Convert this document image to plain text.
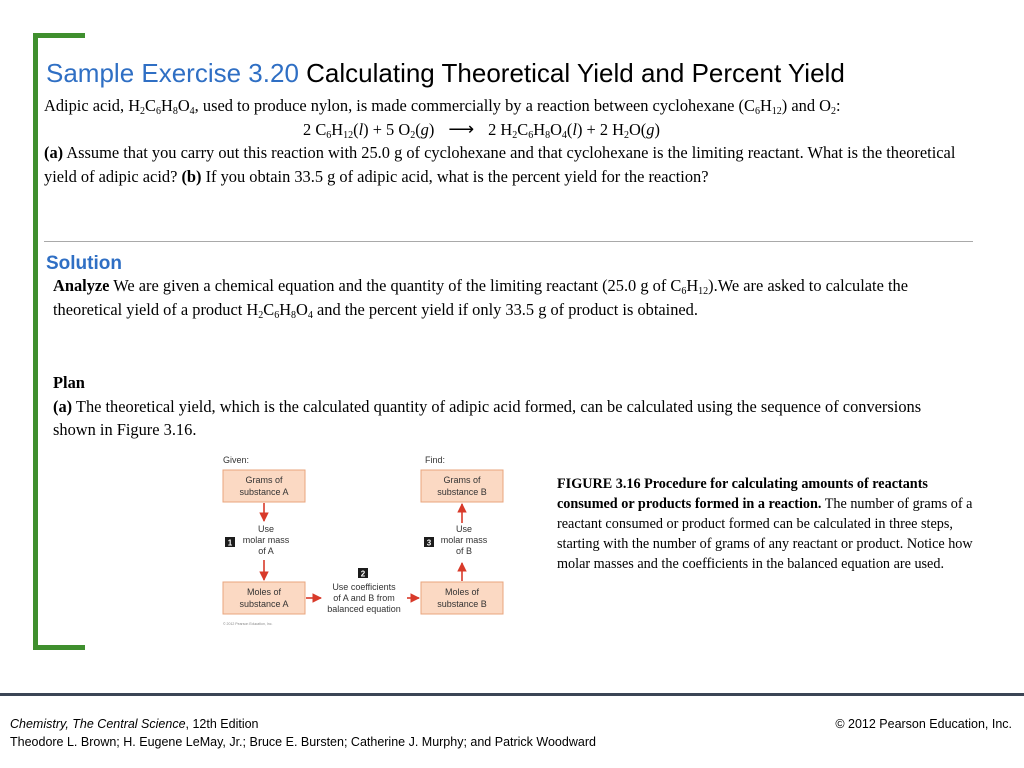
Sample Exercise 3.20 Calculating Theoretical Yield and Percent Yield
Adipic acid, $H_2C_6H_8O_4$, used to produce nylon, is made commercially by a reaction between cyclohexane $(C_6H_{12})$ and $O_2$:
2 $C_6H_{12}(l) + 5$ $O_2(g)$ ⟶ 2 $H_2C_6H_8O_4(l) + 2$ $H_2O(g)$
(a) Assume that you carry out this reaction with 25.0 g of cyclohexane and that cyclohexane is the limiting reactant. What is the theoretical yield of adipic acid? (b) If you obtain 33.5 g of adipic acid, what is the percent yield for the reaction?
Solution
Analyze We are given a chemical equation and the quantity of the limiting reactant (25.0 g of $C_6H_{12}).We$ are asked to calculate the theoretical yield of a product $H_2C_6H_8O_4$ and the percent yield if only 33.5 g of product is obtained.
Plan
(a) The theoretical yield, which is the calculated quantity of adipic acid formed, can be calculated using the sequence of conversions shown in Figure 3.16.
Given:	Find:
Grams of
substance A
Grams of
substance B
Moles of
substance A
Moles of
substance B
1
Use
molar mass
of A
2
Use coefficients
of A and B from
balanced equation
3
Use
molar mass
of B
© 2012 Pearson Education, Inc.
FIGURE 3.16 Procedure for calculating amounts of reactants consumed or products formed in a reaction. The number of grams of a reactant consumed or product formed can be calculated in three steps, starting with the number of grams of any reactant or product. Notice how molar masses and the coefficients in the balanced equation are used.
Chemistry, The Central Science, 12th Edition
Theodore L. Brown; H. Eugene LeMay, Jr.; Bruce E. Bursten; Catherine J. Murphy; and Patrick Woodward
© 2012 Pearson Education, Inc.
